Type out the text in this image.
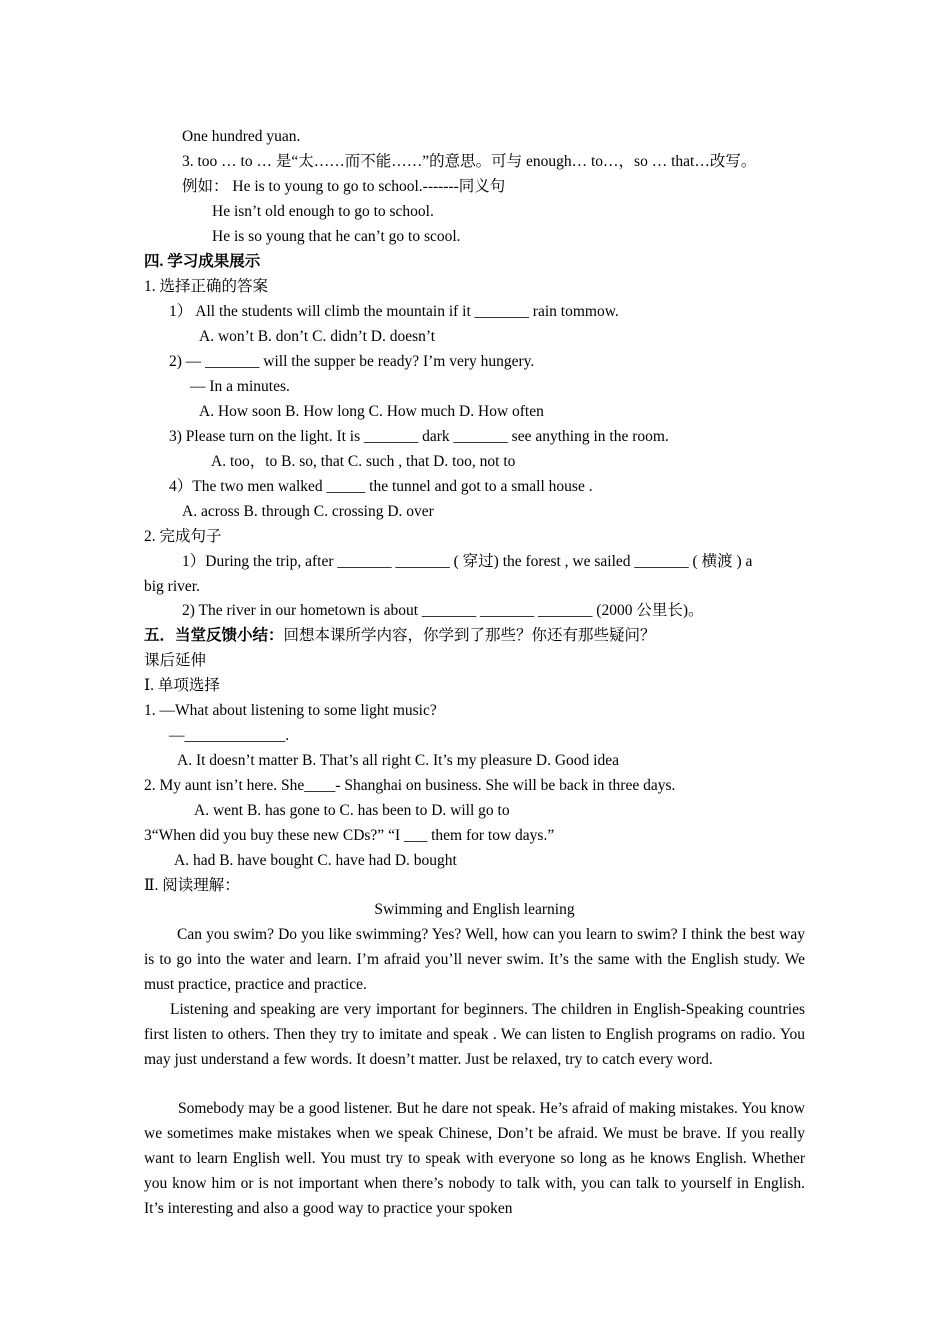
One hundred yuan.
3. too … to … 是“太……而不能……”的意思。可与 enough… to…，so … that…改写。
例如： He is to young to go to school.-------同义句
He isn’t old enough to go to school.
He is so young that he can’t go to scool.
四. 学习成果展示
1. 选择正确的答案
1） All the students will climb the mountain if it _______ rain tommow.
A. won’t B. don’t C. didn’t D. doesn’t
2) — _______ will the supper be ready? I’m very hungery.
— In a minutes.
A. How soon B. How long C. How much D. How often
3) Please turn on the light. It is _______ dark _______ see anything in the room.
A. too，to B. so, that C. such , that D. too, not to
4）The two men walked _____ the tunnel and got to a small house .
A. across B. through C. crossing D. over
2. 完成句子
1）During the trip, after _______ _______ ( 穿过) the forest , we sailed _______ ( 横渡 ) a
big river.
2) The river in our hometown is about _______ _______ _______ (2000 公里长)。
五．当堂反馈小结：回想本课所学内容，你学到了那些？你还有那些疑问？
课后延伸
Ⅰ. 单项选择
1. —What about listening to some light music?
—_____________.
A. It doesn’t matter B. That’s all right C. It’s my pleasure D. Good idea
2. My aunt isn’t here. She____- Shanghai on business. She will be back in three days.
A. went B. has gone to C. has been to D. will go to
3“When did you buy these new CDs?” “I ___ them for tow days.”
A. had B. have bought C. have had D. bought
Ⅱ. 阅读理解：
Swimming and English learning
Can you swim? Do you like swimming? Yes? Well, how can you learn to swim? I think the best way is to go into the water and learn. I’m afraid you’ll never swim. It’s the same with the English study. We must practice, practice and practice.
Listening and speaking are very important for beginners. The children in English-Speaking countries first listen to others. Then they try to imitate and speak . We can listen to English programs on radio. You may just understand a few words. It doesn’t matter. Just be relaxed, try to catch every word.
Somebody may be a good listener. But he dare not speak. He’s afraid of making mistakes. You know we sometimes make mistakes when we speak Chinese, Don’t be afraid. We must be brave. If you really want to learn English well. You must try to speak with everyone so long as he knows English. Whether you know him or is not important when there’s nobody to talk with, you can talk to yourself in English. It’s interesting and also a good way to practice your spoken
